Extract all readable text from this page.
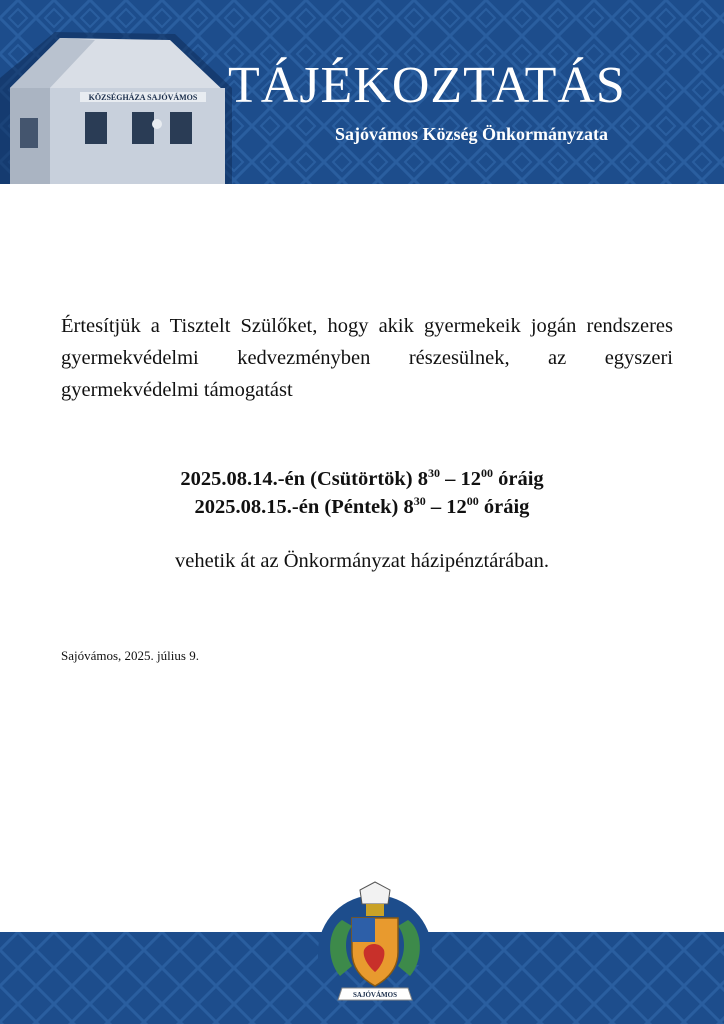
KÖZSÉGHÁZA SAJÓVÁMOS TÁJÉKOZTATÁS
Sajóvámos Község Önkormányzata

Értesítjük a Tisztelt Szülőket, hogy akik gyermekeik jogán rendszeres gyermekvédelmi kedvezményben részesülnek, az egyszeri gyermekvédelmi támogatást

2025.08.14.-én (Csütörtök) $8^{30} - 12^{00}$ óráig
2025.08.15.-én (Péntek) $8^{30} - 12^{00}$ óráig

vehetik át az Önkormányzat házipénztárában.

Sajóvámos, 2025. július 9.

SAJÓVÁMOS
